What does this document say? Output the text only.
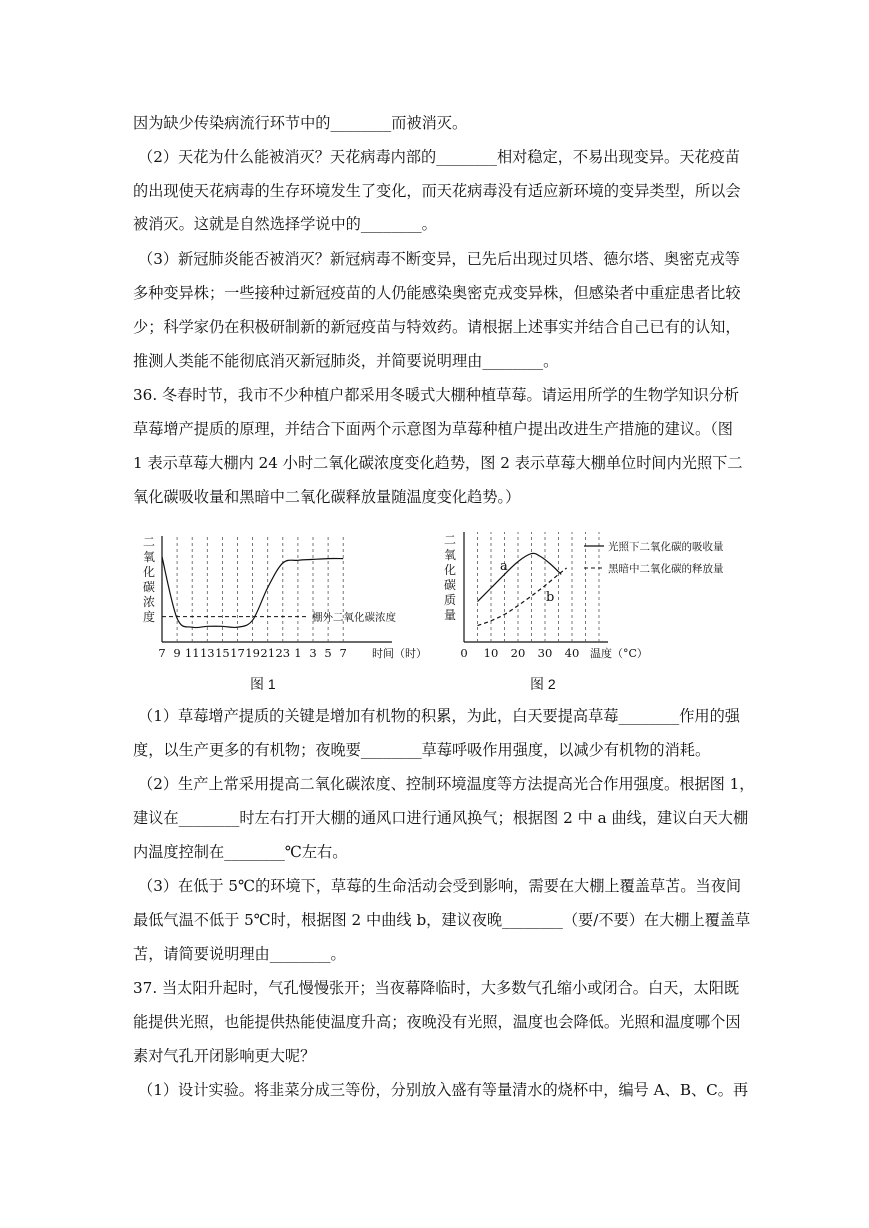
因为缺少传染病流行环节中的________而被消灭。
（2）天花为什么能被消灭？天花病毒内部的________相对稳定，不易出现变异。天花疫苗
的出现使天花病毒的生存环境发生了变化，而天花病毒没有适应新环境的变异类型，所以会
被消灭。这就是自然选择学说中的________。
（3）新冠肺炎能否被消灭？新冠病毒不断变异，已先后出现过贝塔、德尔塔、奥密克戎等
多种变异株；一些接种过新冠疫苗的人仍能感染奥密克戎变异株，但感染者中重症患者比较
少；科学家仍在积极研制新的新冠疫苗与特效药。请根据上述事实并结合自己已有的认知，
推测人类能不能彻底消灭新冠肺炎，并简要说明理由________。
36. 冬春时节，我市不少种植户都采用冬暖式大棚种植草莓。请运用所学的生物学知识分析
草莓增产提质的原理，并结合下面两个示意图为草莓种植户提出改进生产措施的建议。（图
1 表示草莓大棚内 24 小时二氧化碳浓度变化趋势，图 2 表示草莓大棚单位时间内光照下二
氧化碳吸收量和黑暗中二氧化碳释放量随温度变化趋势。）
二
氧
化
碳
浓
度
7 9 11 13 15 17 19 21 23 1 3 5 7 时间（时）
棚外二氧化碳浓度
图 1
二
氧
化
碳
质
量
0 10 20 30 40 温度（°C）
a
b
光照下二氧化碳的吸收量
黑暗中二氧化碳的释放量
图 2
（1）草莓增产提质的关键是增加有机物的积累，为此，白天要提高草莓________作用的强
度，以生产更多的有机物；夜晚要________草莓呼吸作用强度，以减少有机物的消耗。
（2）生产上常采用提高二氧化碳浓度、控制环境温度等方法提高光合作用强度。根据图 1，
建议在________时左右打开大棚的通风口进行通风换气；根据图 2 中 a 曲线，建议白天大棚
内温度控制在________℃左右。
（3）在低于 5℃的环境下，草莓的生命活动会受到影响，需要在大棚上覆盖草苫。当夜间
最低气温不低于 5℃时，根据图 2 中曲线 b，建议夜晚________（要/不要）在大棚上覆盖草
苫，请简要说明理由________。
37. 当太阳升起时，气孔慢慢张开；当夜幕降临时，大多数气孔缩小或闭合。白天，太阳既
能提供光照，也能提供热能使温度升高；夜晚没有光照，温度也会降低。光照和温度哪个因
素对气孔开闭影响更大呢？
（1）设计实验。将韭菜分成三等份，分别放入盛有等量清水的烧杯中，编号 A、B、C。再
